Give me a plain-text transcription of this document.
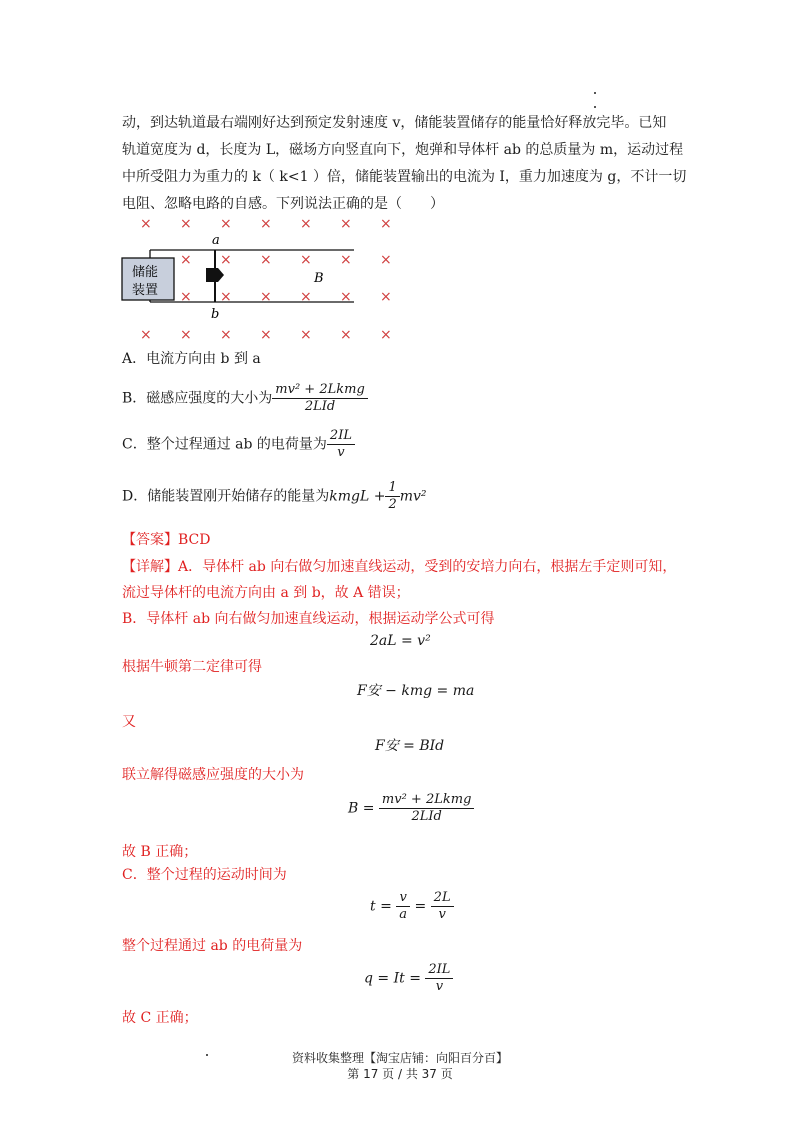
动，到达轨道最右端刚好达到预定发射速度 v，储能装置储存的能量恰好释放完毕。已知
轨道宽度为 d，长度为 L，磁场方向竖直向下，炮弹和导体杆 ab 的总质量为 m，运动过程
中所受阻力为重力的 k（ k<1 ）倍，储能装置输出的电流为 I，重力加速度为 g，不计一切
电阻、忽略电路的自感。下列说法正确的是（　　）
× × × × × × ×
× × × × × ×
× × × × × ×
× × × × × × ×
储能
装置
a
b
B
A．电流方向由 b 到 a
B．磁感应强度的大小为 $\frac{\text{mv² + 2Lkmg}}{\text{2LId}}$
C．整个过程通过 ab 的电荷量为 $\frac{2IL}{v}$
D．储能装置刚开始储存的能量为kmgL + $\frac{1}{2} mv^2$
【答案】BCD
【详解】A．导体杆 ab 向右做匀加速直线运动，受到的安培力向右，根据左手定则可知，
流过导体杆的电流方向由 a 到 b，故 A 错误；
B．导体杆 ab 向右做匀加速直线运动，根据运动学公式可得
2aL = v²
根据牛顿第二定律可得
F安 − kmg = ma
又
F安 = BId
联立解得磁感应强度的大小为
$B = \frac{\text{mv² + 2Lkmg}}{\text{2LId}}$
故 B 正确；
C．整个过程的运动时间为
$t = \frac{v}{a} = \frac{2L}{v}$
整个过程通过 ab 的电荷量为
$q = It = \frac{2IL}{v}$
故 C 正确；
资料收集整理【淘宝店铺：向阳百分百】
第 17 页 / 共 37 页
